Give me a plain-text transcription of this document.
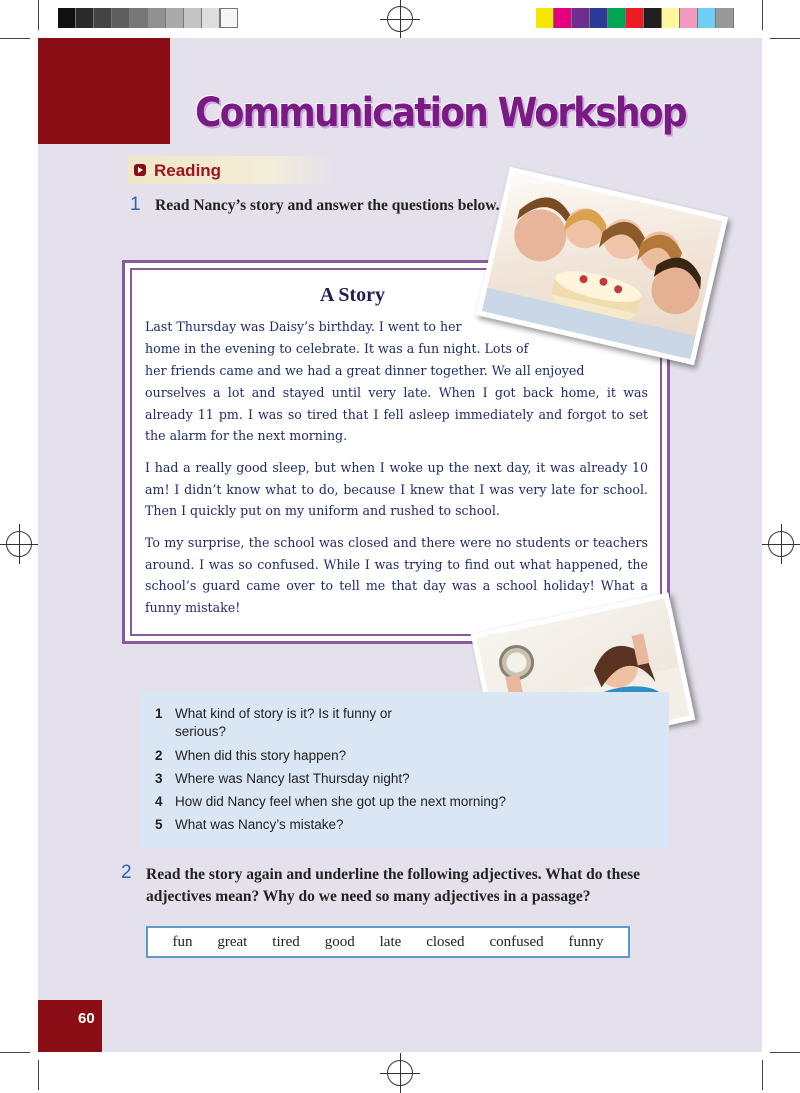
Communication Workshop
Reading
1 Read Nancy’s story and answer the questions below.
A Story
Last Thursday was Daisy’s birthday. I went to her
home in the evening to celebrate. It was a fun night. Lots of
her friends came and we had a great dinner together. We all enjoyed
ourselves a lot and stayed until very late. When I got back home, it was already 11 pm. I was so tired that I fell asleep immediately and forgot to set the alarm for the next morning.
I had a really good sleep, but when I woke up the next day, it was already 10 am! I didn’t know what to do, because I knew that I was very late for school. Then I quickly put on my uniform and rushed to school.
To my surprise, the school was closed and there were no students or teachers around. I was so confused. While I was trying to find out what happened, the school’s guard came over to tell me that day was a school holiday! What a funny mistake!
1 What kind of story is it? Is it funny or
serious?
2 When did this story happen?
3 Where was Nancy last Thursday night?
4 How did Nancy feel when she got up the next morning?
5 What was Nancy’s mistake?
2 Read the story again and underline the following adjectives. What do these
adjectives mean? Why do we need so many adjectives in a passage?
fun great tired good late closed confused funny
60
